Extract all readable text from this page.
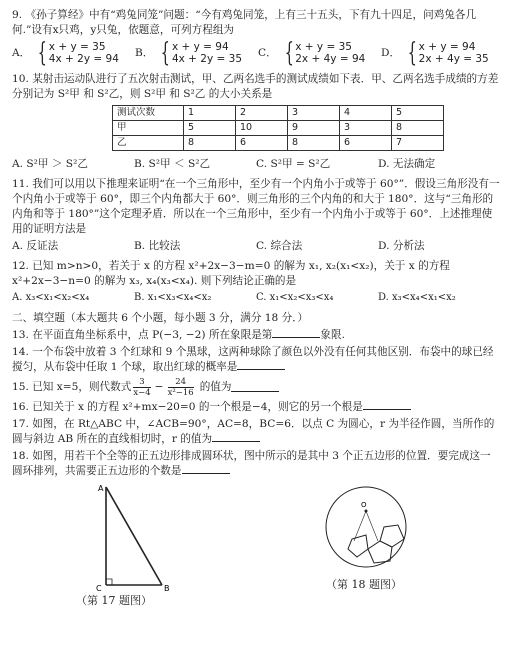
9. 《孙子算经》中有“鸡兔同笼”问题：“今有鸡兔同笼，上有三十五头，下有九十四足，问鸡兔各几何.”设有x只鸡，y只兔，依题意，可列方程组为

A． { x + y = 35
4x + 2y = 94
B． { x + y = 94
4x + 2y = 35
C． { x + y = 35
2x + 4y = 94
D． { x + y = 94
2x + 4y = 35

10. 某射击运动队进行了五次射击测试，甲、乙两名选手的测试成绩如下表．甲、乙两名选手成绩的方差分别记为 S²甲 和 S²乙，则 S²甲 和 S²乙 的大小关系是

测试次数	1	2	3	4	5
甲	5	10	9	3	8
乙	8	6	8	6	7
A. S²甲 ＞ S²乙	B. S²甲 ＜ S²乙	C. S²甲 = S²乙	D. 无法确定

11. 我们可以用以下推理来证明“在一个三角形中，至少有一个内角小于或等于 60°”．假设三角形没有一个内角小于或等于 60°，即三个内角都大于 60°．则三角形的三个内角的和大于 180°．这与“三角形的内角和等于 180°”这个定理矛盾．所以在一个三角形中，至少有一个内角小于或等于 60°．上述推理使用的证明方法是

A. 反证法	B. 比较法	C. 综合法	D. 分析法

12. 已知 m>n>0，若关于 x 的方程 x²+2x−3−m=0 的解为 x₁, x₂(x₁<x₂)，关于 x 的方程 x²+2x−3−n=0 的解为 x₃, x₄(x₃<x₄). 则下列结论正确的是

A. x₃<x₁<x₂<x₄	B. x₁<x₃<x₄<x₂	C. x₁<x₂<x₃<x₄	D. x₃<x₄<x₁<x₂

二、填空题（本大题共 6 个小题，每小题 3 分，满分 18 分．）

13. 在平面直角坐标系中，点 P(−3, −2) 所在象限是第	象限.

14. 一个布袋中放着 3 个红球和 9 个黑球，这两种球除了颜色以外没有任何其他区别．布袋中的球已经搅匀，从布袋中任取 1 个球，取出红球的概率是

15. 已知 x=5，则代数式 $\frac{3}{x-4} - \frac{24}{\text{x²−16}}$ 的值为

16. 已知关于 x 的方程 x²+mx−20=0 的一个根是−4，则它的另一个根是

17. 如图，在 Rt△ABC 中，∠ACB=90°，AC=8，BC=6．以点 C 为圆心，r 为半径作圆，当所作的圆与斜边 AB 所在的直线相切时，r 的值为

18. 如图，用若干个全等的正五边形排成圆环状，图中所示的是其中 3 个正五边形的位置．要完成这一圆环排列，共需要正五边形的个数是

A
C	B
（第 17 题图）
O
（第 18 题图）
